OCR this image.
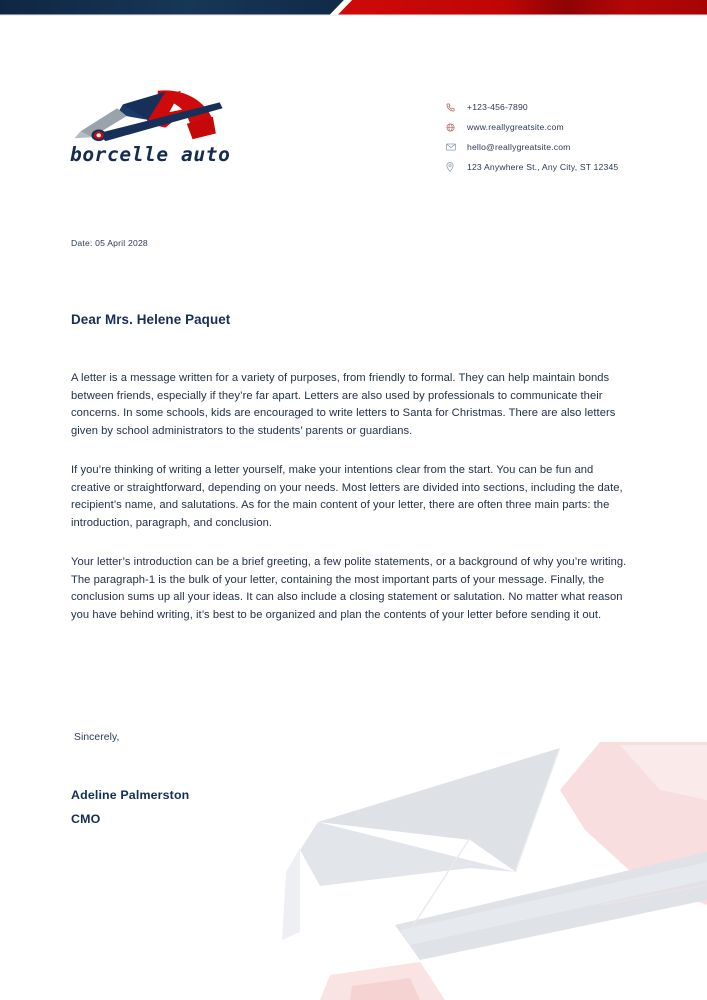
borcelle auto
+123-456-7890
www.reallygreatsite.com
hello@reallygreatsite.com
123 Anywhere St., Any City, ST 12345
Date: 05 April 2028
Dear Mrs. Helene Paquet

A letter is a message written for a variety of purposes, from friendly to formal. They can help maintain bonds between friends, especially if they’re far apart. Letters are also used by professionals to communicate their concerns. In some schools, kids are encouraged to write letters to Santa for Christmas. There are also letters given by school administrators to the students’ parents or guardians.

If you’re thinking of writing a letter yourself, make your intentions clear from the start. You can be fun and creative or straightforward, depending on your needs. Most letters are divided into sections, including the date, recipient’s name, and salutations. As for the main content of your letter, there are often three main parts: the introduction, paragraph, and conclusion.

Your letter’s introduction can be a brief greeting, a few polite statements, or a background of why you’re writing. The paragraph-1 is the bulk of your letter, containing the most important parts of your message. Finally, the conclusion sums up all your ideas. It can also include a closing statement or salutation. No matter what reason you have behind writing, it’s best to be organized and plan the contents of your letter before sending it out.

Sincerely,
Adeline Palmerston
CMO
